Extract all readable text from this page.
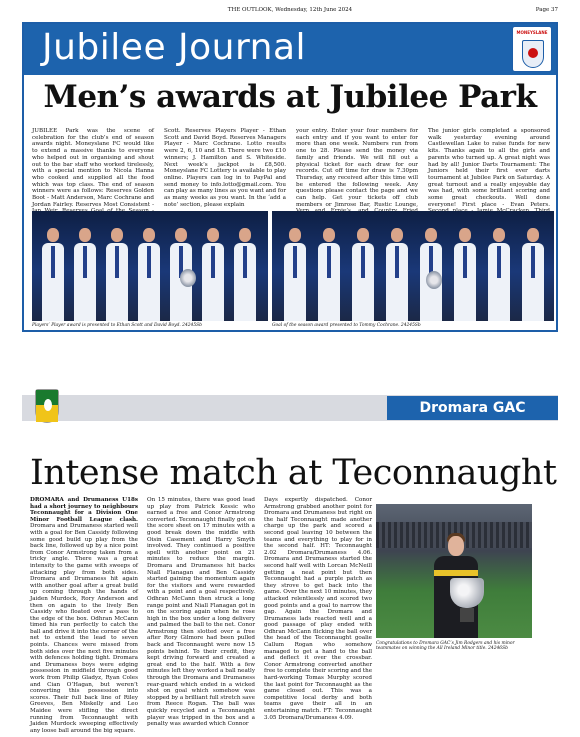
THE OUTLOOK, Wednesday, 12th June 2024	Page 37
Jubilee Journal	MONEYSLANE
Men’s awards at Jubilee Park
JUBILEE Park was the scene of celebration for the club’s end of season awards night. Moneyslane FC would like to extend a massive thanks to everyone who helped out in organising and shout out to the bar staff who worked tirelessly, with a special mention to Nicola Hanna who cooked and supplied all the food which was top class. The end of season winners were as follows: Reserves Golden Boot - Matt Anderson, Marc Cochrane and Jordan Fairley. Reserves Most Consistent -
Scott. Reserves Players Player - Ethan Scott and David Boyd. Reserves Managers Player - Marc Cochrane. Lotto results were 2, 6, 10 and 18. There were two £10 winners; J. Hamilton and S. Whiteside. Next week’s jackpot is £8,500. Moneyslane FC Lottery is available to play online. Players can log in to PayPal and send money to info.lotto@gmail.com. You can play as many lines as you want and for as many weeks as you want. In the ‘add a note’ section, please explain
your entry. Enter your four numbers for each entry and if you want to enter for more than one week. Numbers run from one to 28. Please send the money via family and friends. We will fill out a physical ticket for each draw for our records. Cut off time for draw is 7.30pm Thursday, any received after this time will be entered the following week. Any questions please contact the page and we can help. Get your tickets off club members or Jimrose Bar, Rustic Lounge,
The junior girls completed a sponsored walk yesterday evening around Castlewellan Lake to raise funds for new kits. Thanks again to all the girls and parents who turned up. A great night was had by all! Junior Darts Tournament: The Juniors held their first ever darts tournament at Jubilee Park on Saturday. A great turnout and a really enjoyable day was had, with some brilliant scoring and some great checkouts. Well done everyone! First place - Evan Peters.
Players’ Player award is presented to Ethan Scott and David Boyd. 24245Sb	Goal of the season award presented to Tommy Cochrane. 24245Sb
Dromara GAC
Intense match at Teconnaught
DROMARA and Drumaness U18s had a short journey to neighbours Teconnaught for a Division One Minor Football League clash. Dromara and Drumaness started well with a goal for Ben Cassidy following some good build up play from the back line, followed up by a nice point from Conor Armstrong taken from a tricky angle. There was a great intensity to the game with sweeps of attacking play from both sides. Dromara and Drumaness hit again with another goal after a great build up coming through the hands of Jaiden Murdock, Rory Anderson and then on again to the lively Ben Cassidy who floated over a pass to the edge of the box. Odhran McCann timed his run perfectly to catch the ball and drive it into the corner of the net to extend the lead to seven points. Chances were missed from both sides over the next five minutes with defences holding tight. Dromara and Drumaness boys were edging possession in midfield through good work from Philip Gladyz, Ryan Coles and Cian O’Hagan, but weren’t converting this possession into scores. Their full back line of Riley Greeves, Ben Miskelly and Leo Maidee were stifling the direct running from Teconnaught with Jaiden Murdock sweeping effectively any loose ball around the big square.
On 15 minutes, there was good lead up play from Patrick Kessic who earned a free and Conor Armstrong converted. Teconnaught finally got on the score sheet on 17 minutes with a good break down the middle with Oisin Casement and Harry Smyth involved. They continued a positive spell with another point on 21 minutes to reduce the margin. Dromara and Drumaness hit backs Niall Flanagan and Ben Cassidy started gaining the momentum again for the visitors and were rewarded with a point and a goal respectively. Odhran McCann then struck a long range point and Niall Flanagan got in on the scoring again when he rose high in the box under a long delivery and palmed the ball to the net. Conor Armstrong then slotted over a free after Rory Gilmore had been pulled back and Teconnaught were now 15 points behind. To their credit, they kept driving forward and created a great end to the half. With a few minutes left they worked a ball neatly through the Dromara and Drumaness rear-guard which ended in a wicked shot on goal which somehow was stopped by a brilliant full stretch save from Reece Rogan. The ball was quickly recycled and a Teconnaught player was tripped in the box and a penalty was awarded which Connor
Days expertly dispatched. Conor Armstrong grabbed another point for Dromara and Drumaness but right on the half Teconnaught made another charge up the park and scored a second goal leaving 10 between the teams and everything to play for in the second half. HT: Teconnaught 2.02 Dromara/Drumaness 4.06. Dromara and Drumaness started the second half well with Lorcan McNeill getting a neat point but then Teconnaught had a purple patch as they strove to get back into the game. Over the next 10 minutes, they attacked relentlessly and scored two good points and a goal to narrow the gap. Again the Dromara and Drumaness lads reacted well and a good passage of play ended with Odhran McCann flicking the ball over the head of the Teconnaught goalie Callum Rogan who somehow managed to get a hand to the ball and deflect it over the crossbar. Conor Armstrong converted another free to complete their scoring and the hard-working Tomas Murphy scored the last point for Teconnaught as the game closed out. This was a competitive local derby and both teams gave their all in an entertaining match. FT: Teconnaught 3.05 Dromara/Drumaness 4.09.
Congratulations to Dromara GAC’s Jim Rodgers and his minor teammates on winning the All Ireland Minor title. 24246Sb
